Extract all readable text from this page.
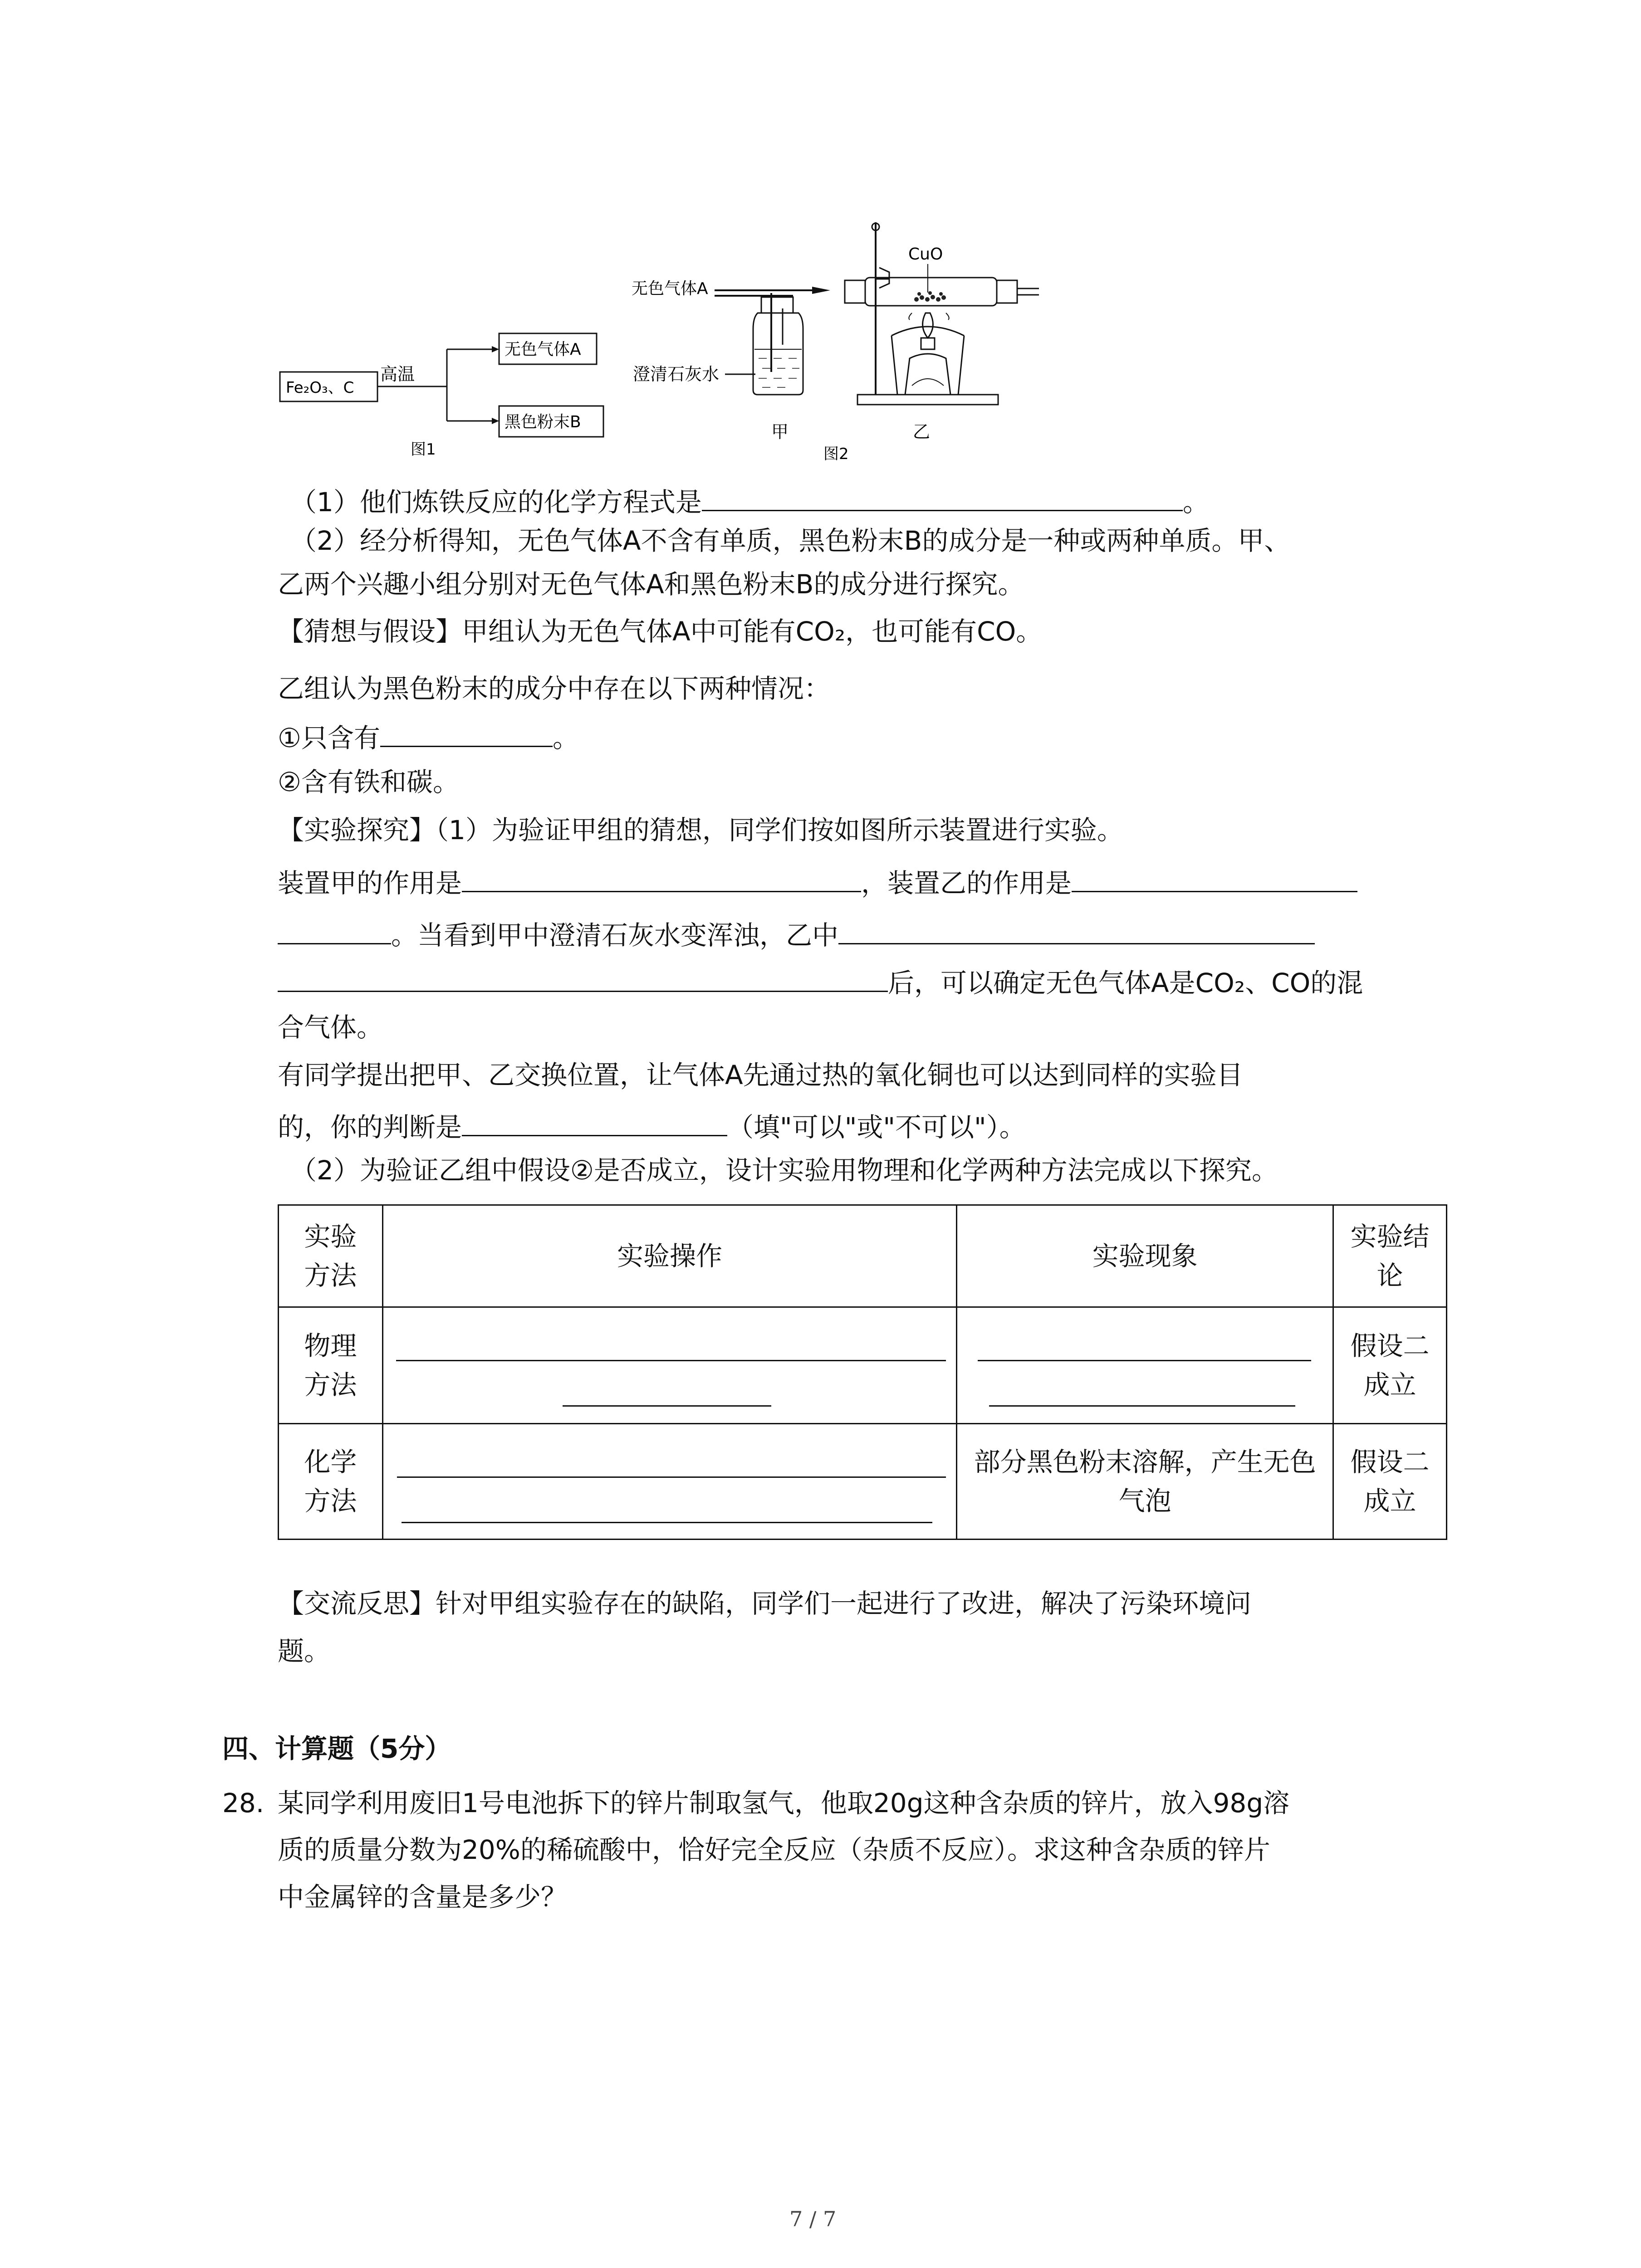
Fe₂O₃、C
高温
无色气体A
黑色粉末B
图1
无色气体A
澄清石灰水
CuO
甲
图2
乙
（1）他们炼铁反应的化学方程式是	。
（2）经分析得知，无色气体A不含有单质，黑色粉末B的成分是一种或两种单质。甲、
乙两个兴趣小组分别对无色气体A和黑色粉末B的成分进行探究。
【猜想与假设】甲组认为无色气体A中可能有CO₂，也可能有CO。
乙组认为黑色粉末的成分中存在以下两种情况：
①只含有	。
②含有铁和碳。
【实验探究】（1）为验证甲组的猜想，同学们按如图所示装置进行实验。
装置甲的作用是	，装置乙的作用是
。当看到甲中澄清石灰水变浑浊，乙中
后，可以确定无色气体A是CO₂、CO的混
合气体。
有同学提出把甲、乙交换位置，让气体A先通过热的氧化铜也可以达到同样的实验目
的，你的判断是	（填"可以"或"不可以"）。
（2）为验证乙组中假设②是否成立，设计实验用物理和化学两种方法完成以下探究。
实验方法	实验操作	实验现象	实验结论

物理方法			假设二成立

化学方法		部分黑色粉末溶解，产生无色气泡	假设二成立
【交流反思】针对甲组实验存在的缺陷，同学们一起进行了改进，解决了污染环境问
题。
四、计算题（5分）
28. 某同学利用废旧1号电池拆下的锌片制取氢气，他取20g这种含杂质的锌片，放入98g溶
质的质量分数为20%的稀硫酸中，恰好完全反应（杂质不反应）。求这种含杂质的锌片
中金属锌的含量是多少？
7 / 7
